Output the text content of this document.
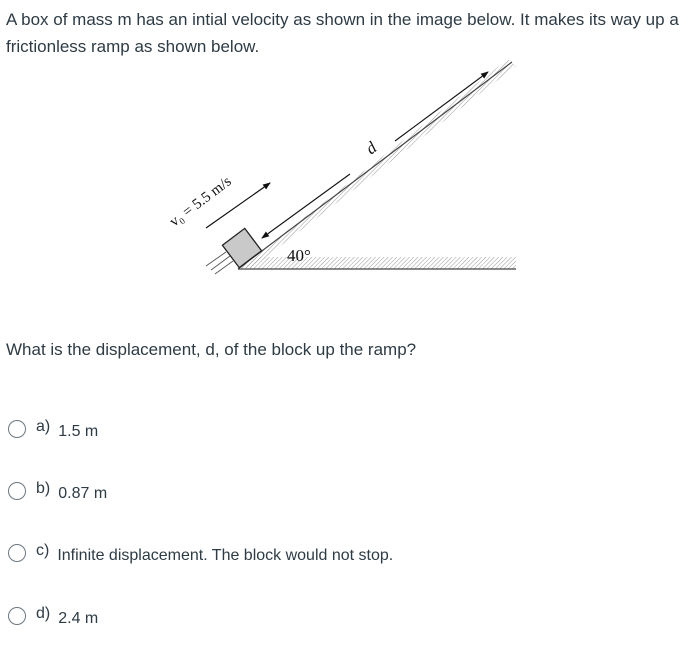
A box of mass m has an intial velocity as shown in the image below. It makes its way up a frictionless ramp as shown below.
d
v₀ = 5.5 m/s
40°
What is the displacement, d, of the block up the ramp?
a) 1.5 m
b) 0.87 m
c) Infinite displacement. The block would not stop.
d) 2.4 m
